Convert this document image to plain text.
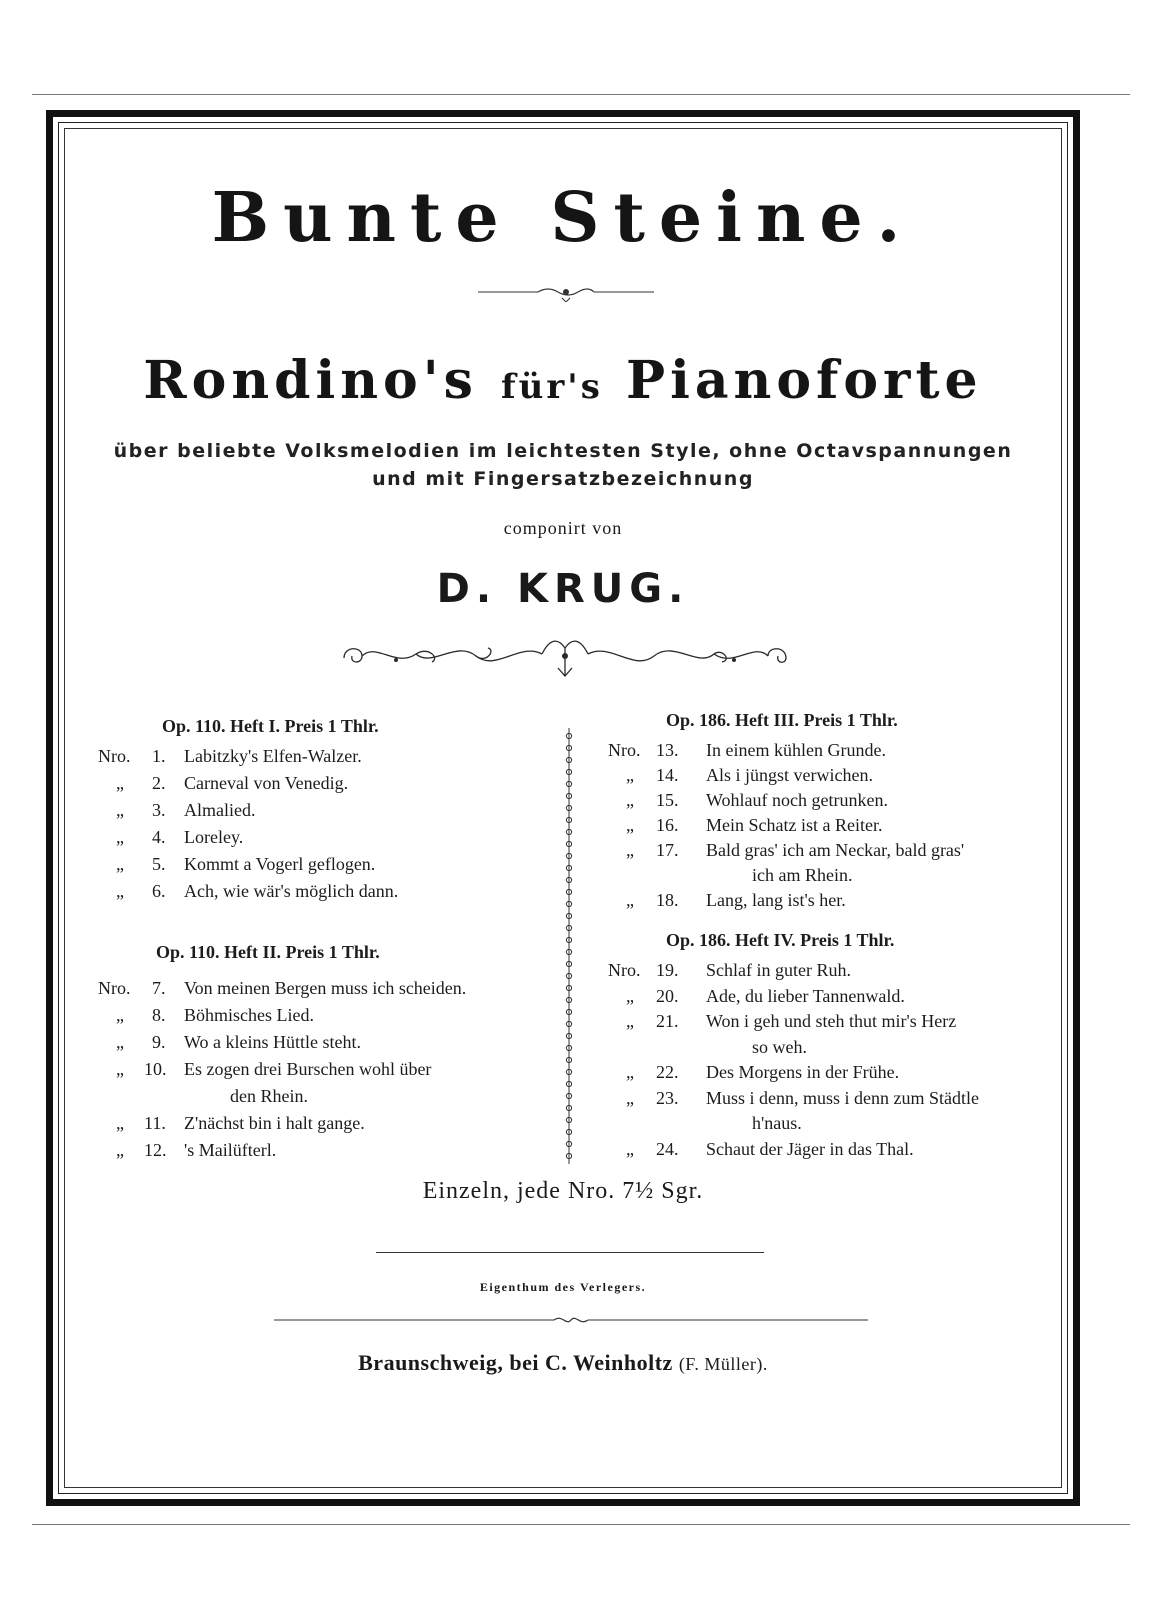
Bunte Steine.
Rondino's für's Pianoforte
über beliebte Volksmelodien im leichtesten Style, ohne Octavspannungen
und mit Fingersatzbezeichnung
componirt von
D. KRUG.
Op. 110. Heft I. Preis 1 Thlr.
Nro. 1. Labitzky's Elfen-Walzer.
„ 2. Carneval von Venedig.
„ 3. Almalied.
„ 4. Loreley.
„ 5. Kommt a Vogerl geflogen.
„ 6. Ach, wie wär's möglich dann.
Op. 110. Heft II. Preis 1 Thlr.
Nro. 7. Von meinen Bergen muss ich scheiden.
„ 8. Böhmisches Lied.
„ 9. Wo a kleins Hüttle steht.
„ 10. Es zogen drei Burschen wohl über
den Rhein.
„ 11. Z'nächst bin i halt gange.
„ 12. 's Mailüfterl.
Op. 186. Heft III. Preis 1 Thlr.
Nro. 13. In einem kühlen Grunde.
„ 14. Als i jüngst verwichen.
„ 15. Wohlauf noch getrunken.
„ 16. Mein Schatz ist a Reiter.
„ 17. Bald gras' ich am Neckar, bald gras'
ich am Rhein.
„ 18. Lang, lang ist's her.
Op. 186. Heft IV. Preis 1 Thlr.
Nro. 19. Schlaf in guter Ruh.
„ 20. Ade, du lieber Tannenwald.
„ 21. Won i geh und steh thut mir's Herz
so weh.
„ 22. Des Morgens in der Frühe.
„ 23. Muss i denn, muss i denn zum Städtle
h'naus.
„ 24. Schaut der Jäger in das Thal.
Einzeln, jede Nro. 7½ Sgr.
Eigenthum des Verlegers.
Braunschweig, bei C. Weinholtz (F. Müller).
